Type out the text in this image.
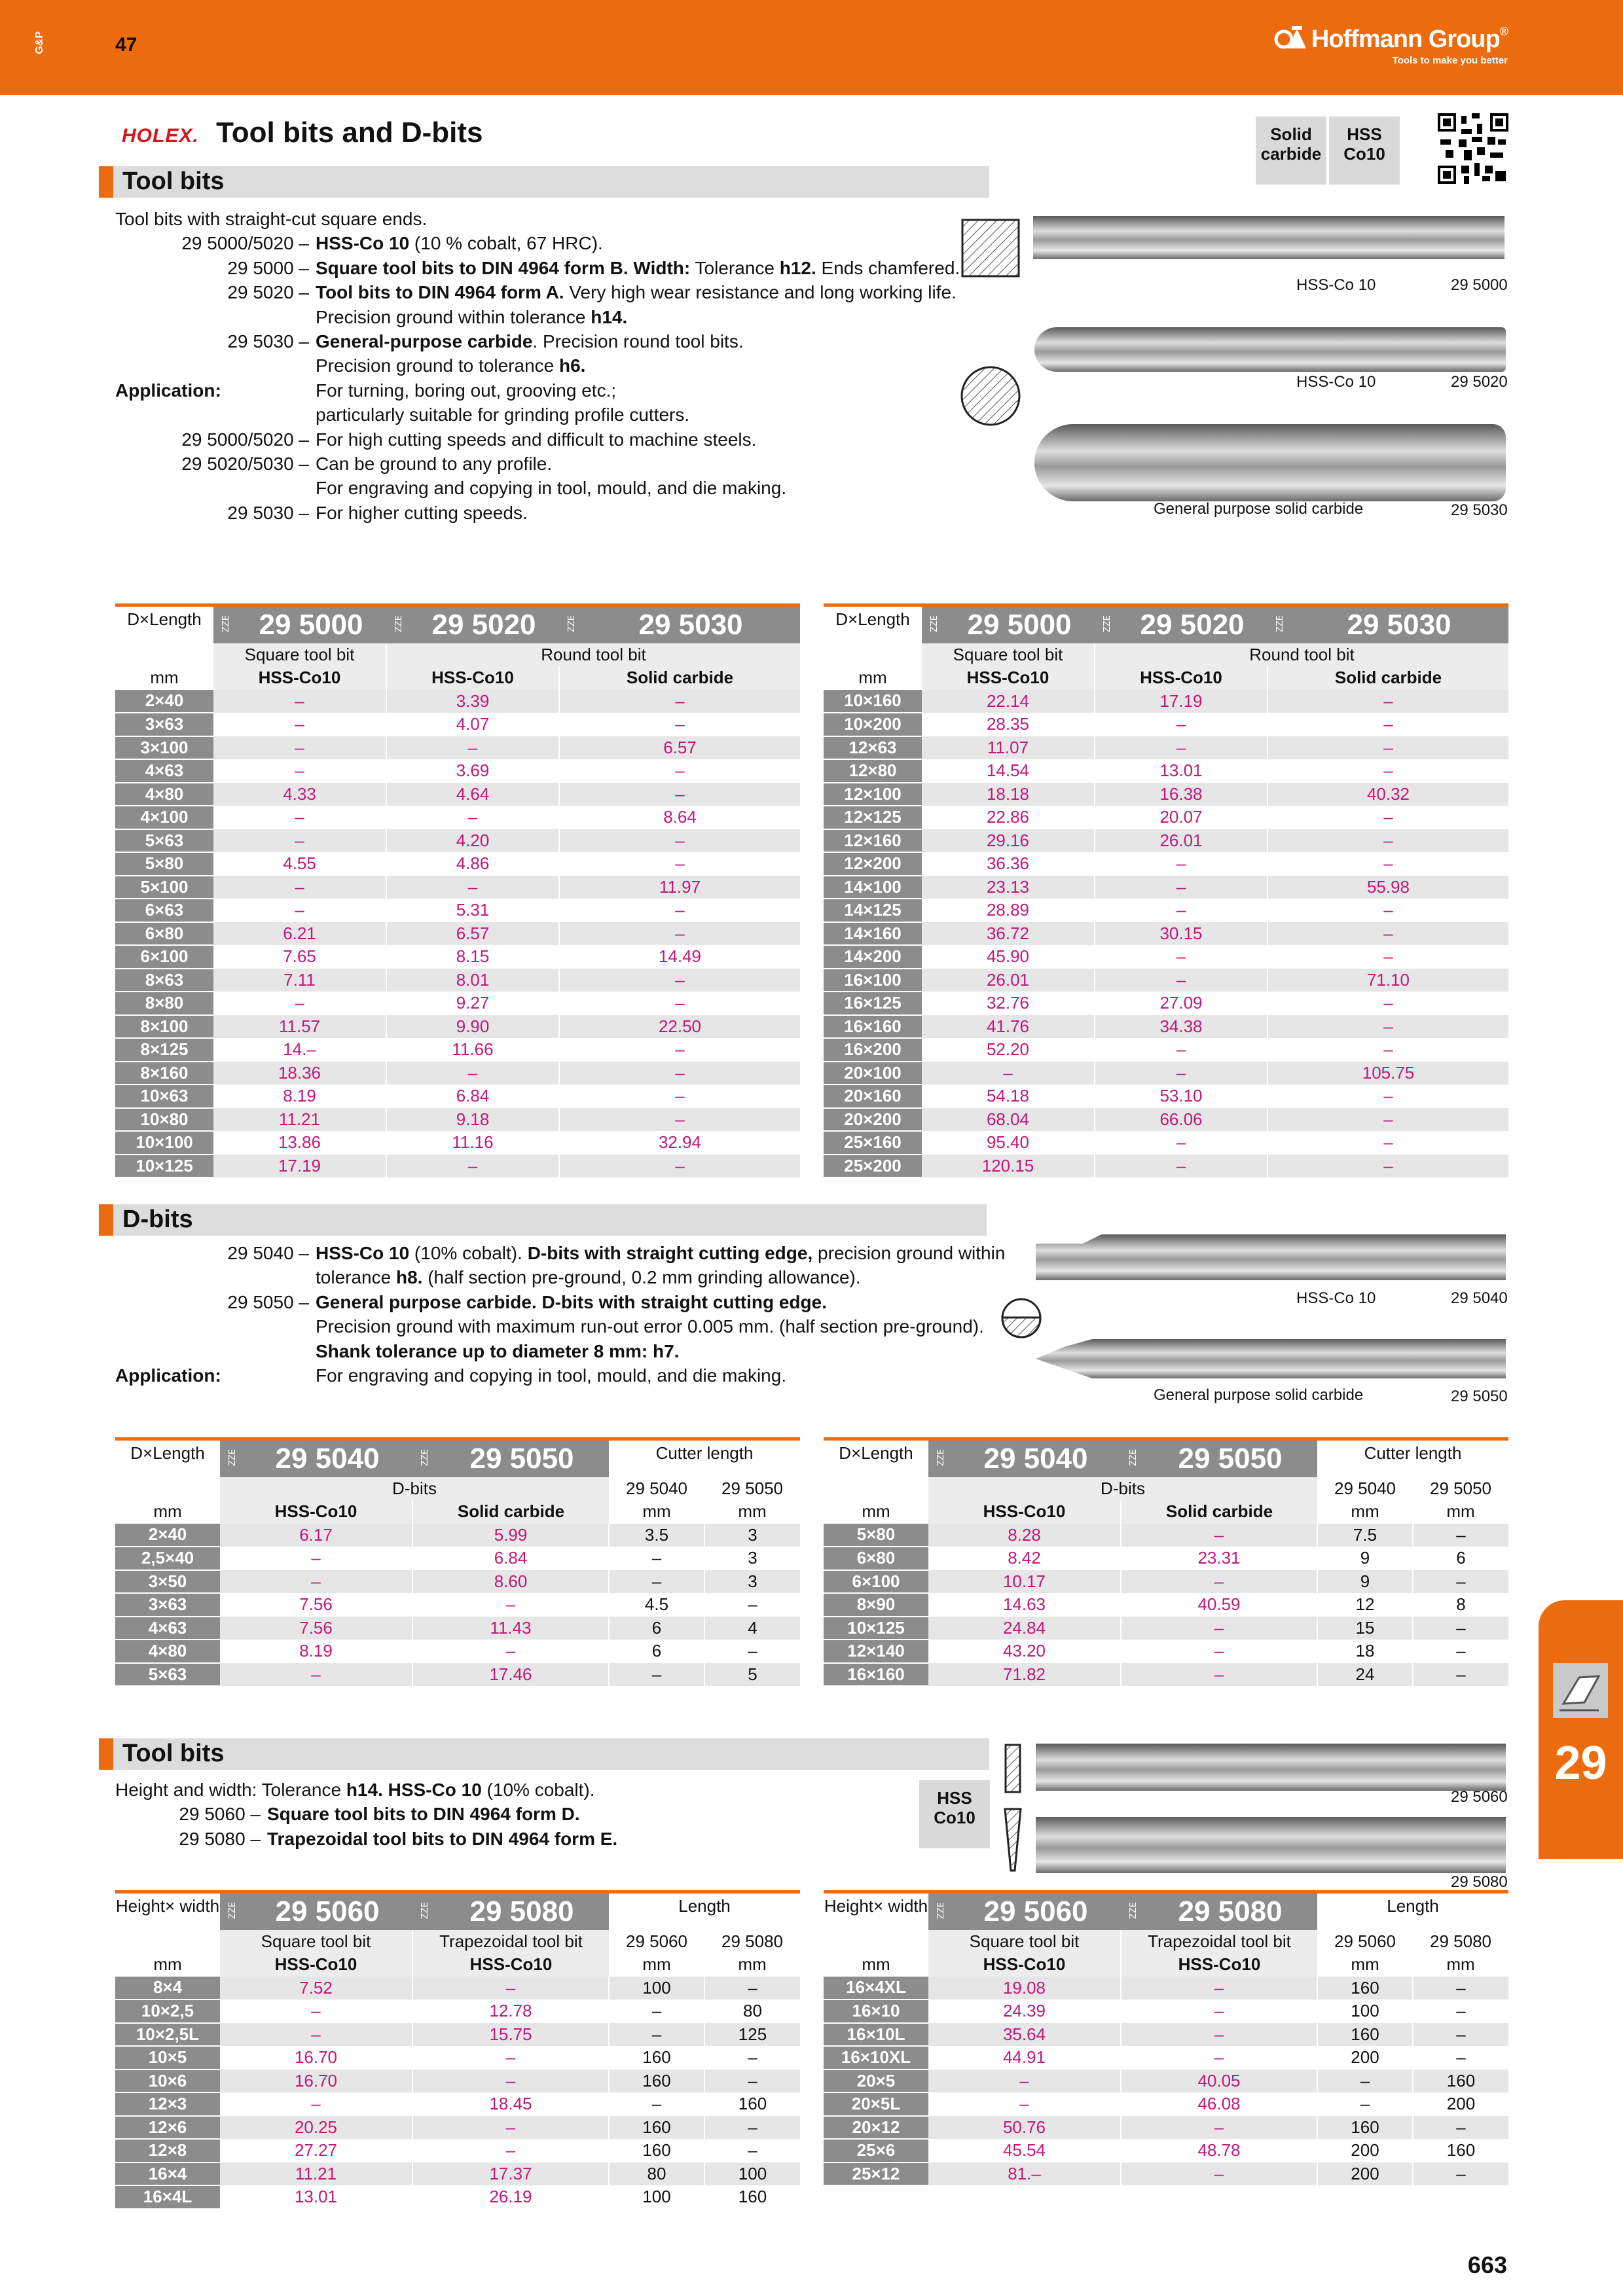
G&P	47	Hoffmann Group®
Tools to make you better
HOLEX. Tool bits and D-bits	Solid carbide
HSS Co10
Tool bits
Tool bits with straight-cut square ends.
29 5000/5020 – HSS-Co 10 (10 % cobalt, 67 HRC).
29 5000 – Square tool bits to DIN 4964 form B. Width: Tolerance h12. Ends chamfered.
29 5020 – Tool bits to DIN 4964 form A. Very high wear resistance and long working life.
Precision ground within tolerance h14.
29 5030 – General-purpose carbide. Precision round tool bits.
Precision ground to tolerance h6.
Application:	For turning, boring out, grooving etc.;
particularly suitable for grinding profile cutters.
29 5000/5020 – For high cutting speeds and difficult to machine steels.
29 5020/5030 – Can be ground to any profile.
For engraving and copying in tool, mould, and die making.
29 5030 – For higher cutting speeds.
HSS-Co 10	29 5000
HSS-Co 10	29 5020
General purpose solid carbide	29 5030
D×Length	ZZE	29 5000	ZZE	29 5020	ZZE	29 5030
	Square tool bit		Round tool bit			
mm	HSS-Co10		HSS-Co10		Solid carbide	
2×40	–		3.39		–	
3×63	–		4.07		–	
3×100	–		–		6.57	
4×63	–		3.69		–	
4×80	4.33		4.64		–	
4×100	–		–		8.64	
5×63	–		4.20		–	
5×80	4.55		4.86		–	
5×100	–		–		11.97	
6×63	–		5.31		–	
6×80	6.21		6.57		–	
6×100	7.65		8.15		14.49	
8×63	7.11		8.01		–	
8×80	–		9.27		–	
8×100	11.57		9.90		22.50	
8×125	14.–		11.66		–	
8×160	18.36		–		–	
10×63	8.19		6.84		–	
10×80	11.21		9.18		–	
10×100	13.86		11.16		32.94	
10×125	17.19		–		–	
D×Length	ZZE	29 5000	ZZE	29 5020	ZZE	29 5030
	Square tool bit		Round tool bit			
mm	HSS-Co10		HSS-Co10		Solid carbide	
10×160	22.14		17.19		–	
10×200	28.35		–		–	
12×63	11.07		–		–	
12×80	14.54		13.01		–	
12×100	18.18		16.38		40.32	
12×125	22.86		20.07		–	
12×160	29.16		26.01		–	
12×200	36.36		–		–	
14×100	23.13		–		55.98	
14×125	28.89		–		–	
14×160	36.72		30.15		–	
14×200	45.90		–		–	
16×100	26.01		–		71.10	
16×125	32.76		27.09		–	
16×160	41.76		34.38		–	
16×200	52.20		–		–	
20×100	–		–		105.75	
20×160	54.18		53.10		–	
20×200	68.04		66.06		–	
25×160	95.40		–		–	
25×200	120.15		–		–	
D-bits
29 5040 – HSS-Co 10 (10% cobalt). D-bits with straight cutting edge, precision ground within
tolerance h8. (half section pre-ground, 0.2 mm grinding allowance).
29 5050 – General purpose carbide. D-bits with straight cutting edge.
Precision ground with maximum run-out error 0.005 mm. (half section pre-ground).
Shank tolerance up to diameter 8 mm: h7.
Application:	For engraving and copying in tool, mould, and die making.
HSS-Co 10	29 5040
General purpose solid carbide	29 5050
D×Length	ZZE	29 5040	ZZE	29 5050	Cutter length	
	D-bits				29 5040	29 5050
mm	HSS-Co10		Solid carbide		mm	mm
2×40	6.17		5.99		3.5	3
2,5×40	–		6.84		–	3
3×50	–		8.60		–	3
3×63	7.56		–		4.5	–
4×63	7.56		11.43		6	4
4×80	8.19		–		6	–
5×63	–		17.46		–	5
D×Length	ZZE	29 5040	ZZE	29 5050	Cutter length	
	D-bits				29 5040	29 5050
mm	HSS-Co10		Solid carbide		mm	mm
5×80	8.28		–		7.5	–
6×80	8.42		23.31		9	6
6×100	10.17		–		9	–
8×90	14.63		40.59		12	8
10×125	24.84		–		15	–
12×140	43.20		–		18	–
16×160	71.82		–		24	–
Tool bits
Height and width: Tolerance h14. HSS-Co 10 (10% cobalt).
29 5060 – Square tool bits to DIN 4964 form D.
29 5080 – Trapezoidal tool bits to DIN 4964 form E.
HSS Co10
29 5060
29 5080
Height× width	ZZE	29 5060	ZZE	29 5080	Length	
	Square tool bit		Trapezoidal tool bit		29 5060	29 5080
mm	HSS-Co10		HSS-Co10		mm	mm
8×4	7.52		–		100	–
10×2,5	–		12.78		–	80
10×2,5L	–		15.75		–	125
10×5	16.70		–		160	–
10×6	16.70		–		160	–
12×3	–		18.45		–	160
12×6	20.25		–		160	–
12×8	27.27		–		160	–
16×4	11.21		17.37		80	100
16×4L	13.01		26.19		100	160
Height× width	ZZE	29 5060	ZZE	29 5080	Length	
	Square tool bit		Trapezoidal tool bit		29 5060	29 5080
mm	HSS-Co10		HSS-Co10		mm	mm
16×4XL	19.08		–		160	–
16×10	24.39		–		100	–
16×10L	35.64		–		160	–
16×10XL	44.91		–		200	–
20×5	–		40.05		–	160
20×5L	–		46.08		–	200
20×12	50.76		–		160	–
25×6	45.54		48.78		200	160
25×12	81.–		–		200	–
29
663
